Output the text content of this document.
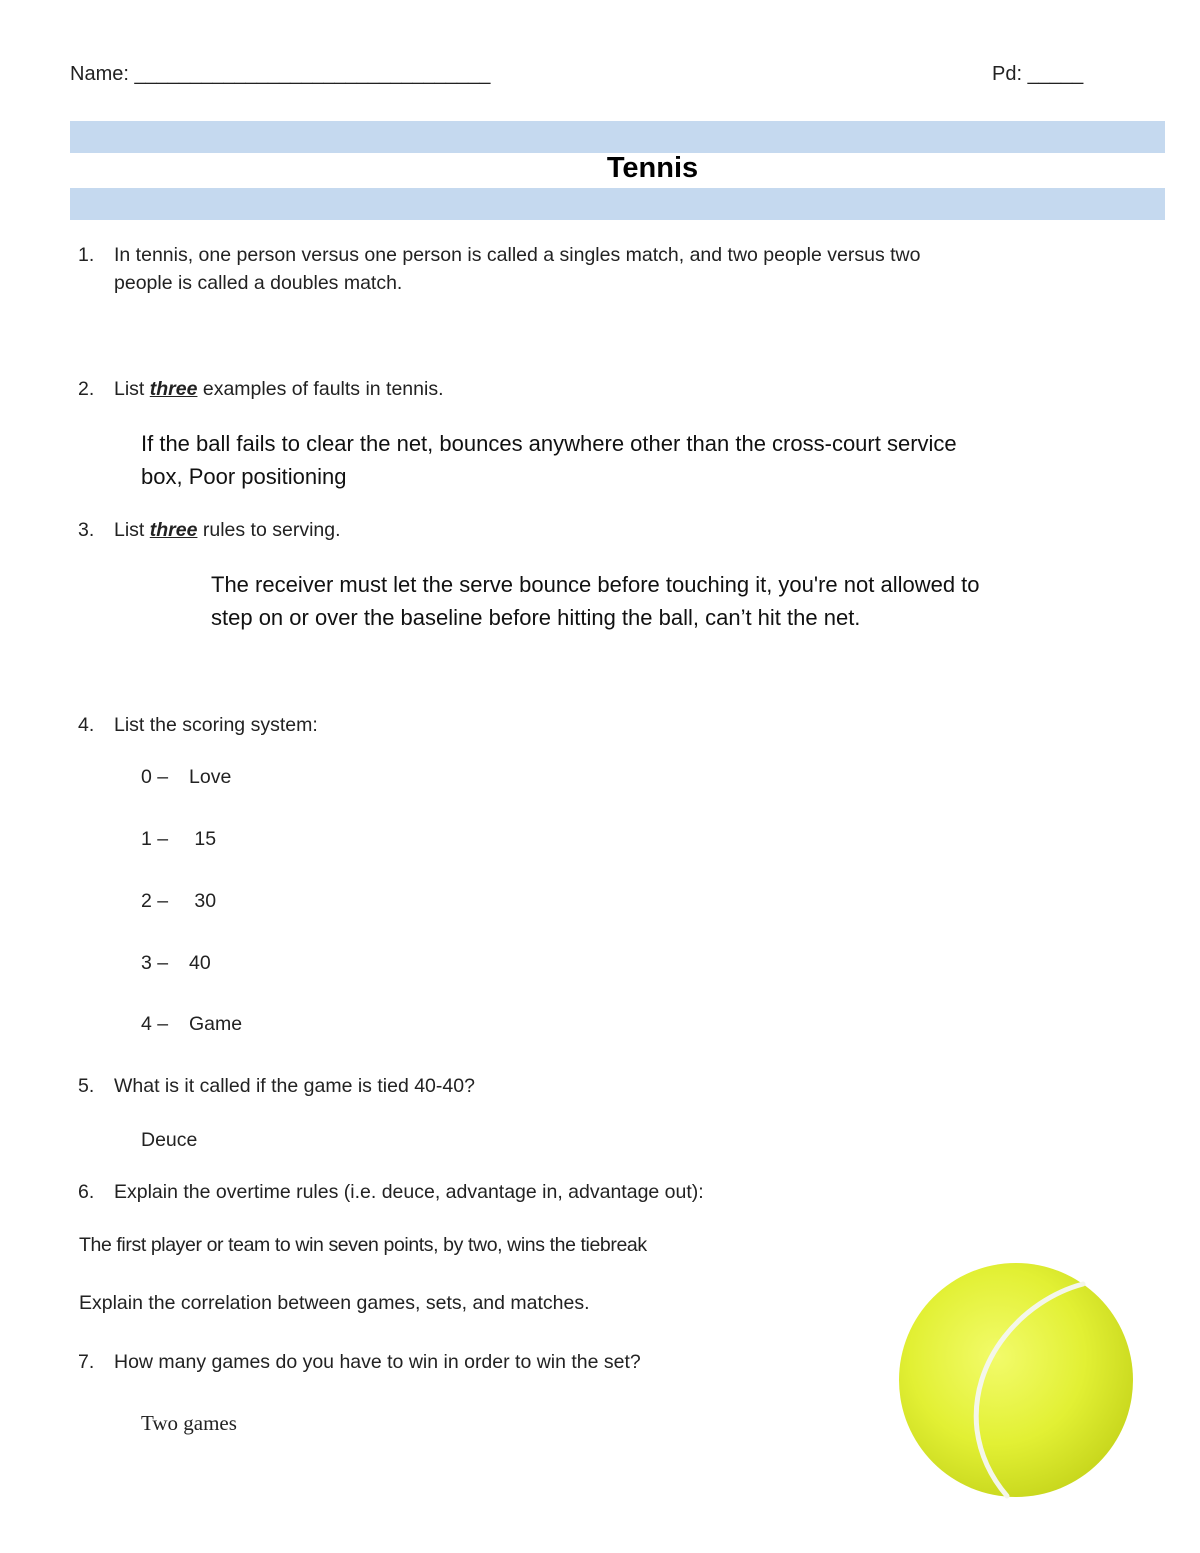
Name: ________________________________	Pd: _____
Tennis
1. In tennis, one person versus one person is called a singles match, and two people versus two
people is called a doubles match.
2. List three examples of faults in tennis.
If the ball fails to clear the net, bounces anywhere other than the cross-court service
box, Poor positioning
3. List three rules to serving.
The receiver must let the serve bounce before touching it, you're not allowed to
step on or over the baseline before hitting the ball, can’t hit the net.
4. List the scoring system:
0 – Love
1 – 15
2 – 30
3 – 40
4 – Game
5. What is it called if the game is tied 40-40?
Deuce
6. Explain the overtime rules (i.e. deuce, advantage in, advantage out):
The first player or team to win seven points, by two, wins the tiebreak
Explain the correlation between games, sets, and matches.
7. How many games do you have to win in order to win the set?
Two games
